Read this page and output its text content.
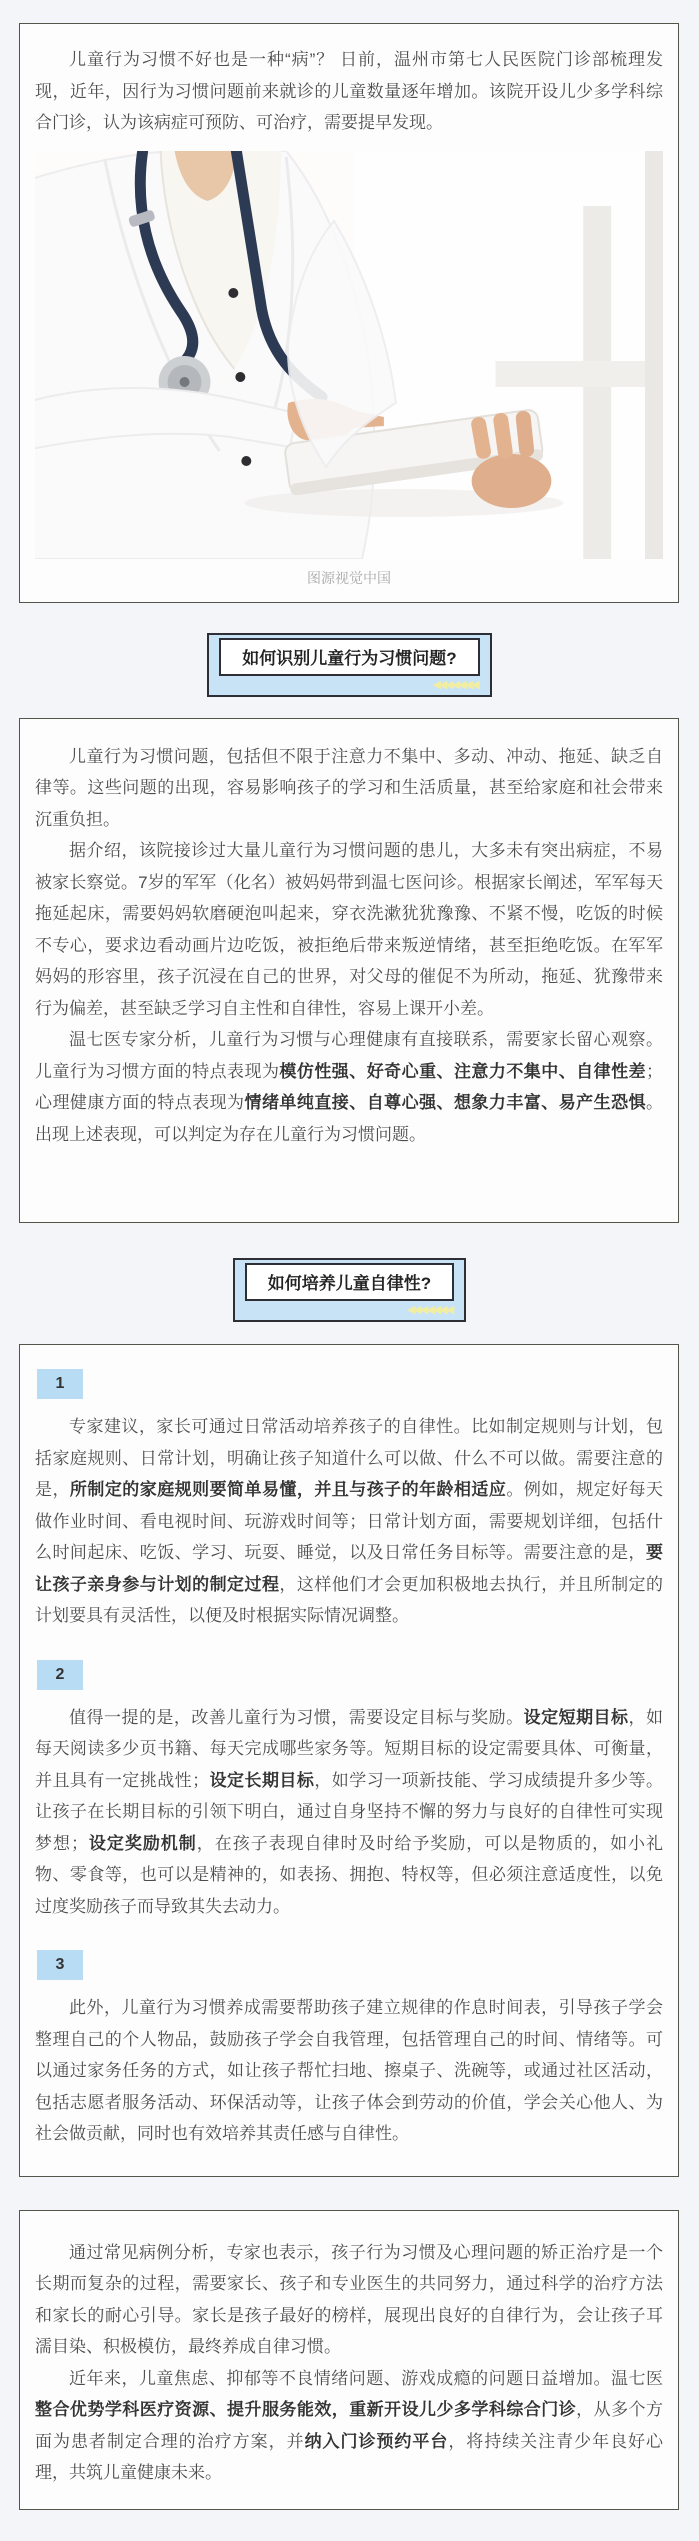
儿童行为习惯不好也是一种“病”？ 日前，温州市第七人民医院门诊部梳理发现，近年，因行为习惯问题前来就诊的儿童数量逐年增加。该院开设儿少多学科综合门诊，认为该病症可预防、可治疗，需要提早发现。

图源视觉中国

如何识别儿童行为习惯问题?
◀◀◀◀◀◀◀

儿童行为习惯问题，包括但不限于注意力不集中、多动、冲动、拖延、缺乏自律等。这些问题的出现，容易影响孩子的学习和生活质量，甚至给家庭和社会带来沉重负担。

据介绍，该院接诊过大量儿童行为习惯问题的患儿，大多未有突出病症，不易被家长察觉。7岁的军军（化名）被妈妈带到温七医问诊。根据家长阐述，军军每天拖延起床，需要妈妈软磨硬泡叫起来，穿衣洗漱犹犹豫豫、不紧不慢，吃饭的时候不专心，要求边看动画片边吃饭，被拒绝后带来叛逆情绪，甚至拒绝吃饭。在军军妈妈的形容里，孩子沉浸在自己的世界，对父母的催促不为所动，拖延、犹豫带来行为偏差，甚至缺乏学习自主性和自律性，容易上课开小差。

温七医专家分析，儿童行为习惯与心理健康有直接联系，需要家长留心观察。儿童行为习惯方面的特点表现为模仿性强、好奇心重、注意力不集中、自律性差；心理健康方面的特点表现为情绪单纯直接、自尊心强、想象力丰富、易产生恐惧。出现上述表现，可以判定为存在儿童行为习惯问题。

如何培养儿童自律性?
◀◀◀◀◀◀◀
1

专家建议，家长可通过日常活动培养孩子的自律性。比如制定规则与计划，包括家庭规则、日常计划，明确让孩子知道什么可以做、什么不可以做。需要注意的是，所制定的家庭规则要简单易懂，并且与孩子的年龄相适应。例如，规定好每天做作业时间、看电视时间、玩游戏时间等；日常计划方面，需要规划详细，包括什么时间起床、吃饭、学习、玩耍、睡觉，以及日常任务目标等。需要注意的是，要让孩子亲身参与计划的制定过程，这样他们才会更加积极地去执行，并且所制定的计划要具有灵活性，以便及时根据实际情况调整。

2

值得一提的是，改善儿童行为习惯，需要设定目标与奖励。设定短期目标，如每天阅读多少页书籍、每天完成哪些家务等。短期目标的设定需要具体、可衡量，并且具有一定挑战性；设定长期目标，如学习一项新技能、学习成绩提升多少等。让孩子在长期目标的引领下明白，通过自身坚持不懈的努力与良好的自律性可实现梦想；设定奖励机制，在孩子表现自律时及时给予奖励，可以是物质的，如小礼物、零食等，也可以是精神的，如表扬、拥抱、特权等，但必须注意适度性，以免过度奖励孩子而导致其失去动力。

3

此外，儿童行为习惯养成需要帮助孩子建立规律的作息时间表，引导孩子学会整理自己的个人物品，鼓励孩子学会自我管理，包括管理自己的时间、情绪等。可以通过家务任务的方式，如让孩子帮忙扫地、擦桌子、洗碗等，或通过社区活动，包括志愿者服务活动、环保活动等，让孩子体会到劳动的价值，学会关心他人、为社会做贡献，同时也有效培养其责任感与自律性。

通过常见病例分析，专家也表示，孩子行为习惯及心理问题的矫正治疗是一个长期而复杂的过程，需要家长、孩子和专业医生的共同努力，通过科学的治疗方法和家长的耐心引导。家长是孩子最好的榜样，展现出良好的自律行为，会让孩子耳濡目染、积极模仿，最终养成自律习惯。

近年来，儿童焦虑、抑郁等不良情绪问题、游戏成瘾的问题日益增加。温七医整合优势学科医疗资源、提升服务能效，重新开设儿少多学科综合门诊，从多个方面为患者制定合理的治疗方案，并纳入门诊预约平台，将持续关注青少年良好心理，共筑儿童健康未来。
